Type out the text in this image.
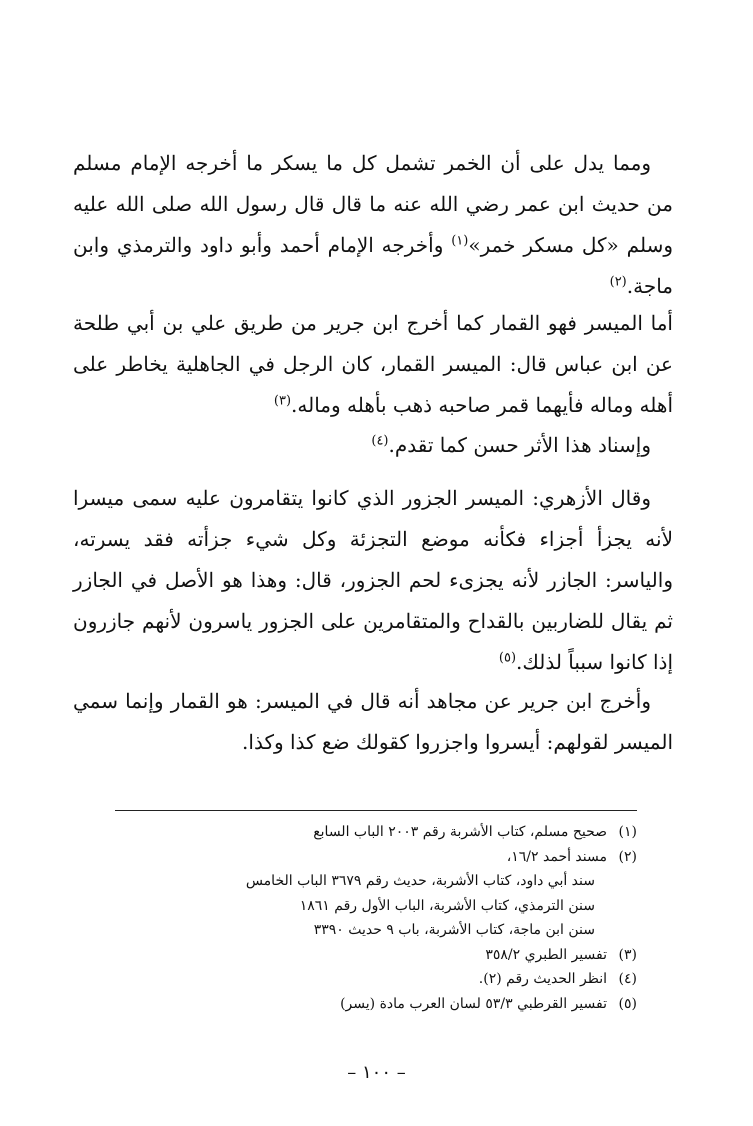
ومما يدل على أن الخمر تشمل كل ما يسكر ما أخرجه الإمام مسلم من حديث ابن عمر رضي الله عنه ما قال قال رسول الله صلى الله عليه وسلم «كل مسكر خمر»$^{(١)}$ وأخرجه الإمام أحمد وأبو داود والترمذي وابن ماجة.$^{(٢)}$

أما الميسر فهو القمار كما أخرج ابن جرير من طريق علي بن أبي طلحة عن ابن عباس قال: الميسر القمار، كان الرجل في الجاهلية يخاطر على أهله وماله فأيهما قمر صاحبه ذهب بأهله وماله.$^{(٣)}$

وإسناد هذا الأثر حسن كما تقدم.$^{(٤)}$

وقال الأزهري: الميسر الجزور الذي كانوا يتقامرون عليه سمى ميسرا لأنه يجزأ أجزاء فكأنه موضع التجزئة وكل شيء جزأته فقد يسرته، والياسر: الجازر لأنه يجزىء لحم الجزور، قال: وهذا هو الأصل في الجازر ثم يقال للضاربين بالقداح والمتقامرين على الجزور ياسرون لأنهم جازرون إذا كانوا سبباً لذلك.$^{(٥)}$

وأخرج ابن جرير عن مجاهد أنه قال في الميسر: هو القمار وإنما سمي الميسر لقولهم: أيسروا واجزروا كقولك ضع كذا وكذا.

(١)
صحيح مسلم، كتاب الأشربة رقم ٢٠٠٣ الباب السابع
(٢)
مسند أحمد ١٦/٢،
سند أبي داود، كتاب الأشربة، حديث رقم ٣٦٧٩ الباب الخامس
سنن الترمذي، كتاب الأشربة، الباب الأول رقم ١٨٦١
سنن ابن ماجة، كتاب الأشربة، باب ٩ حديث ٣٣٩٠
(٣)
تفسير الطبري ٣٥٨/٢
(٤)
انظر الحديث رقم (٢).
(٥)
تفسير القرطبي ٥٣/٣ لسان العرب مادة (يسر)
– ١٠٠ –
